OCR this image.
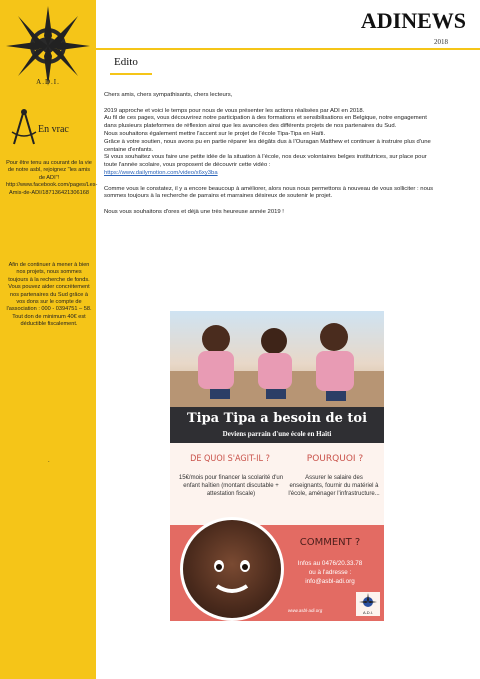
A.D.I.
En vrac
Pour être tenu au courant de la vie de notre asbl, rejoignez "les amis de ADI"! http://www.facebook.com/pages/Les-Amis-de-ADI/187136421306168
Afin de continuer à mener à bien nos projets, nous sommes toujours à la recherche de fonds. Vous pouvez aider concrètement nos partenaires du Sud grâce à vos dons sur le compte de l'association : 000 - 0394751 – 58. Tout don de minimum 40€ est déductible fiscalement.
.
ADINEWS
2018
Edito

Chers amis, chers sympathisants, chers lecteurs,

2019 approche et voici le temps pour nous de vous présenter les actions réalisées par ADI en 2018.
Au fil de ces pages, vous découvrirez notre participation à des formations et sensibilisations en Belgique, notre engagement dans plusieurs plateformes de réflexion ainsi que les avancées des différents projets de nos partenaires du Sud.
Nous souhaitons également mettre l'accent sur le projet de l'école Tipa-Tipa en Haïti.
Grâce à votre soutien, nous avons pu en partie réparer les dégâts dus à l'Ouragan Matthew et continuer à instruire plus d'une centaine d'enfants.
Si vous souhaitez vous faire une petite idée de la situation à l'école, nos deux volontaires belges institutrices, sur place pour toute l'année scolaire, vous proposent de découvrir cette vidéo :

https://www.dailymotion.com/video/x6xy3ba

Comme vous le constatez, il y a encore beaucoup à améliorer, alors nous nous permettons à nouveau de vous solliciter : nous sommes toujours à la recherche de parrains et marraines désireux de soutenir le projet.

Nous vous souhaitons d'ores et déjà une très heureuse année 2019 !

Tipa Tipa a besoin de toi
Deviens parrain d'une école en Haïti
DE QUOI S'AGIT-IL ?	POURQUOI ?
15€/mois pour financer la scolarité d'un enfant haïtien (montant discutable + attestation fiscale)
Assurer le salaire des enseignants, fournir du matériel à l'école, aménager l'infrastructure...
COMMENT ?
Infos au 0476/20.33.78
ou à l'adresse :
info@asbl-adi.org
www.asbl-adi.org	A.D.I.
